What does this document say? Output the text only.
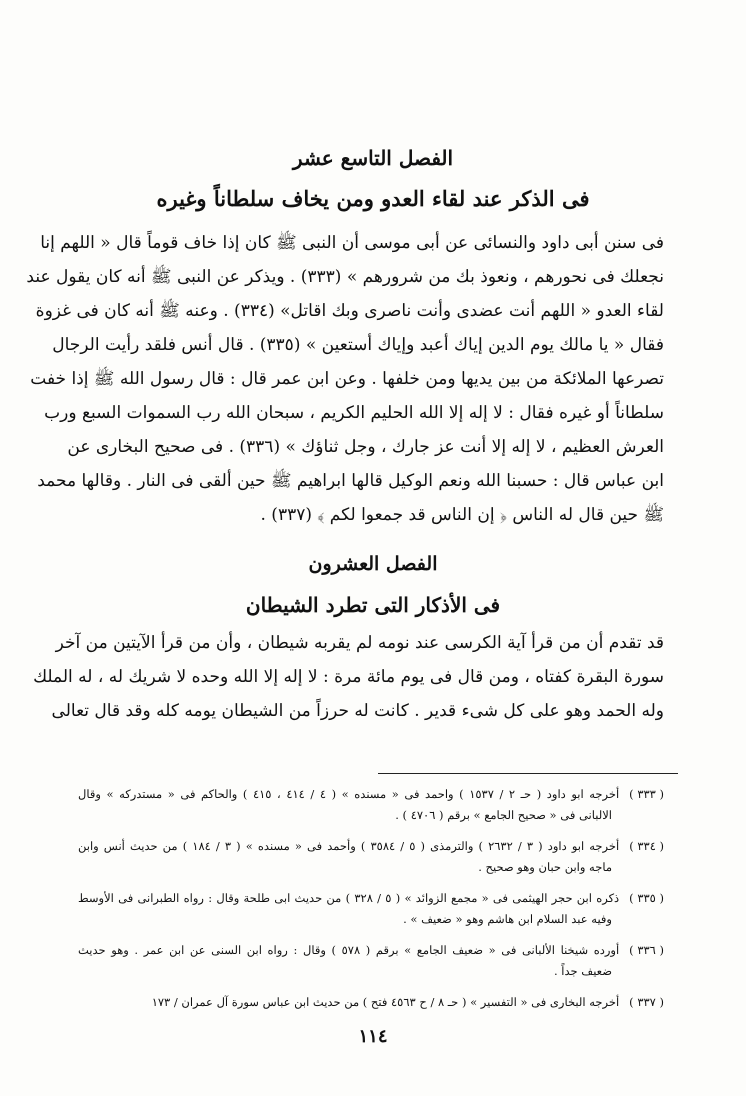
الفصل التاسع عشر
فى الذكر عند لقاء العدو ومن يخاف سلطاناً وغيره

فى سنن أبى داود والنسائى عن أبى موسى أن النبى ﷺ كان إذا خاف قوماً قال « اللهم إنا

نجعلك فى نحورهم ، ونعوذ بك من شرورهم » (٣٣٣) . ويذكر عن النبى ﷺ أنه كان يقول عند

لقاء العدو « اللهم أنت عضدى وأنت ناصرى وبك اقاتل» (٣٣٤) . وعنه ﷺ أنه كان فى غزوة

فقال « يا مالك يوم الدين إياك أعبد وإياك أستعين » (٣٣٥) . قال أنس فلقد رأيت الرجال

تصرعها الملائكة من بين يديها ومن خلفها . وعن ابن عمر قال : قال رسول الله ﷺ إذا خفت

سلطاناً أو غيره فقال : لا إله إلا الله الحليم الكريم ، سبحان الله رب السموات السبع ورب

العرش العظيم ، لا إله إلا أنت عز جارك ، وجل ثناؤك » (٣٣٦) . فى صحيح البخارى عن

ابن عباس قال : حسبنا الله ونعم الوكيل قالها ابراهيم ﷺ حين ألقى فى النار . وقالها محمد

ﷺ حين قال له الناس ﴿ إن الناس قد جمعوا لكم ﴾ (٣٣٧) .

الفصل العشرون
فى الأذكار التى تطرد الشيطان

قد تقدم أن من قرأ آية الكرسى عند نومه لم يقربه شيطان ، وأن من قرأ الآيتين من آخر

سورة البقرة كفتاه ، ومن قال فى يوم مائة مرة : لا إله إلا الله وحده لا شريك له ، له الملك

وله الحمد وهو على كل شىء قدير . كانت له حرزاً من الشيطان يومه كله وقد قال تعالى

( ٣٣٣ )أخرجه ابو داود ( حـ ٢ / ١٥٣٧ ) واحمد فى « مسنده » ( ٤ / ٤١٤ ، ٤١٥ ) والحاكم فى « مستدركه » وقال
الالبانى فى « صحيح الجامع » برقم ( ٤٧٠٦ ) .
( ٣٣٤ )أخرجه ابو داود ( ٣ / ٢٦٣٢ ) والترمذى ( ٥ / ٣٥٨٤ ) وأحمد فى « مسنده » ( ٣ / ١٨٤ ) من حديث أنس وابن
ماجه وابن حبان وهو صحيح .
( ٣٣٥ )ذكره ابن حجر الهيثمى فى « مجمع الزوائد » ( ٥ / ٣٢٨ ) من حديث ابى طلحة وقال : رواه الطبرانى فى الأوسط
وفيه عبد السلام ابن هاشم وهو « ضعيف » .
( ٣٣٦ )أورده شيخنا الألبانى فى « ضعيف الجامع » برقم ( ٥٧٨ ) وقال : رواه ابن السنى عن ابن عمر . وهو حديث
ضعيف جداً .
( ٣٣٧ )أخرجه البخارى فى « التفسير » ( حـ ٨ / ح ٤٥٦٣ فتح ) من حديث ابن عباس سورة آل عمران / ١٧٣
١١٤
